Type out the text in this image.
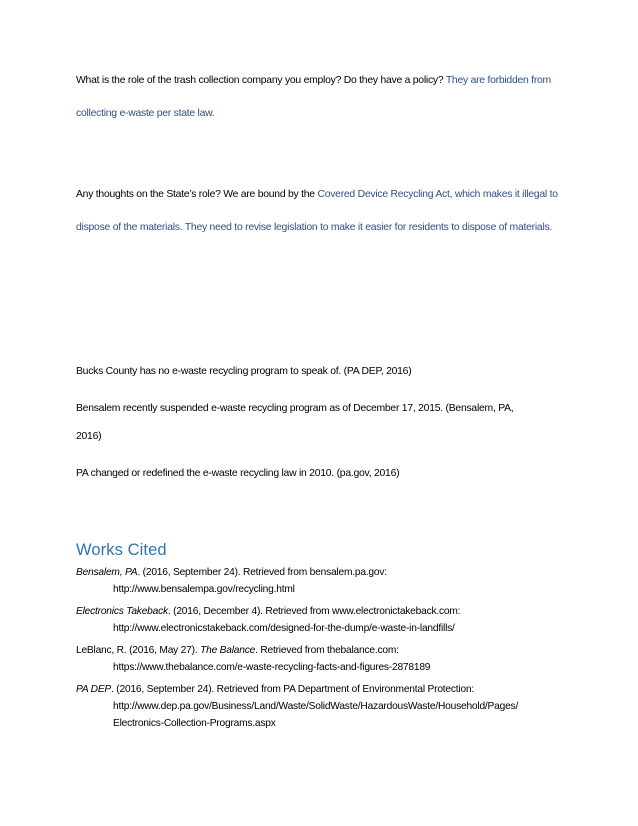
What is the role of the trash collection company you employ? Do they have a policy? They are forbidden from collecting e-waste per state law.
Any thoughts on the State’s role? We are bound by the Covered Device Recycling Act, which makes it illegal to dispose of the materials. They need to revise legislation to make it easier for residents to dispose of materials.
Bucks County has no e-waste recycling program to speak of. (PA DEP, 2016)
Bensalem recently suspended e-waste recycling program as of December 17, 2015. (Bensalem, PA,
2016)
PA changed or redefined the e-waste recycling law in 2010. (pa.gov, 2016)
Works Cited
Bensalem, PA. (2016, September 24). Retrieved from bensalem.pa.gov:
http://www.bensalempa.gov/recycling.html
Electronics Takeback. (2016, December 4). Retrieved from www.electronictakeback.com:
http://www.electronicstakeback.com/designed-for-the-dump/e-waste-in-landfills/
LeBlanc, R. (2016, May 27). The Balance. Retrieved from thebalance.com:
https://www.thebalance.com/e-waste-recycling-facts-and-figures-2878189
PA DEP. (2016, September 24). Retrieved from PA Department of Environmental Protection:
http://www.dep.pa.gov/Business/Land/Waste/SolidWaste/HazardousWaste/Household/Pages/
Electronics-Collection-Programs.aspx
